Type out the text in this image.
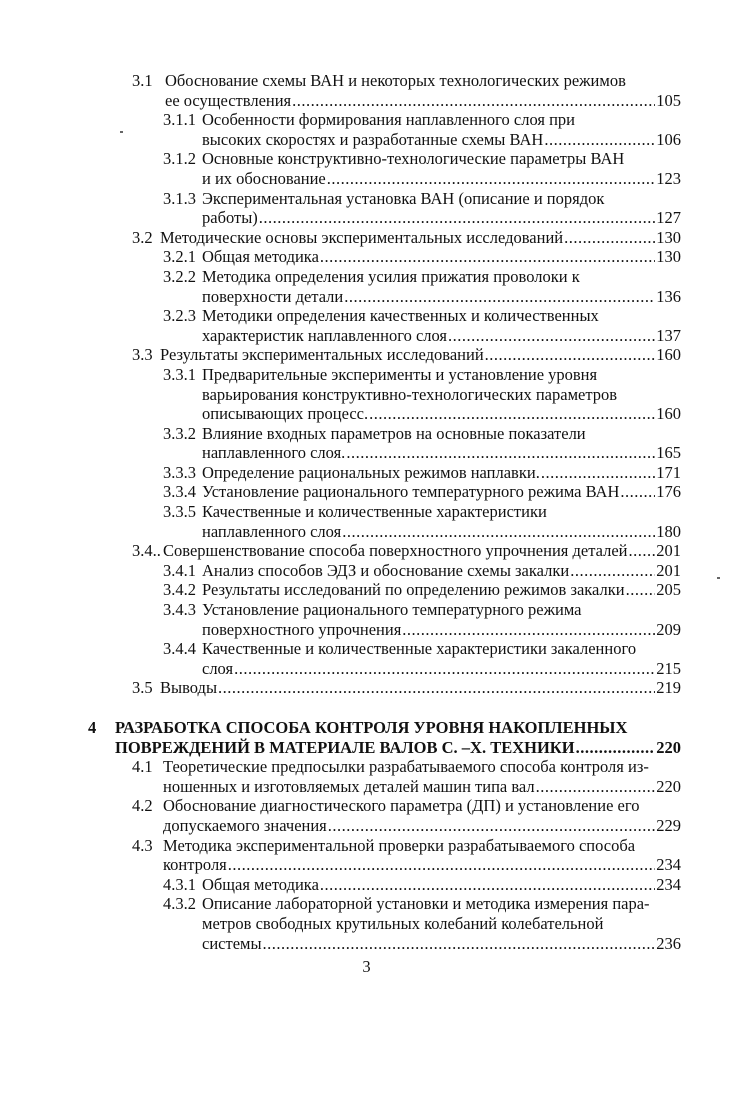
3.1 Обоснование схемы ВАН и некоторых технологических режимов
ее осуществления .....	105
3.1.1 Особенности формирования наплавленного слоя при
высоких скоростях и разработанные схемы ВАН .....	106
3.1.2 Основные конструктивно-технологические параметры ВАН
и их обоснование .....	123
3.1.3 Экспериментальная установка ВАН (описание и порядок
работы) .....	127
3.2 Методические основы экспериментальных исследований .....	130
3.2.1 Общая методика .....	130
3.2.2 Методика определения усилия прижатия проволоки к
поверхности детали .....	136
3.2.3 Методики определения качественных и количественных
характеристик наплавленного слоя .....	137
3.3 Результаты экспериментальных исследований .....	160
3.3.1 Предварительные эксперименты и установление уровня
варьирования конструктивно-технологических параметров
описывающих процесс. .....	160
3.3.2 Влияние входных параметров на основные показатели
наплавленного слоя. .....	165
3.3.3 Определение рациональных режимов наплавки. .....	171
3.3.4 Установление рационального температурного режима ВАН ..... 176
3.3.5 Качественные и количественные характеристики
наплавленного слоя .....	180
3.4.. Совершенствование способа поверхностного упрочнения деталей ..... 201
3.4.1 Анализ способов ЭДЗ и обоснование схемы закалки .....	201
3.4.2 Результаты исследований по определению режимов закалки ..... 205
3.4.3 Установление рационального температурного режима
поверхностного упрочнения .....	209
3.4.4 Качественные и количественные характеристики закаленного
слоя .....	215
3.5 Выводы .....	219
4	РАЗРАБОТКА СПОСОБА КОНТРОЛЯ УРОВНЯ НАКОПЛЕННЫХ
ПОВРЕЖДЕНИЙ В МАТЕРИАЛЕ ВАЛОВ С. –Х. ТЕХНИКИ .....	220
4.1 Теоретические предпосылки разрабатываемого способа контроля из-
ношенных и изготовляемых деталей машин типа вал .....	220
4.2 Обоснование диагностического параметра (ДП) и установление его
допускаемого значения .....	229
4.3 Методика экспериментальной проверки разрабатываемого способа
контроля .....	234
4.3.1 Общая методика .....	234
4.3.2 Описание лабораторной установки и методика измерения пара-
метров свободных крутильных колебаний колебательной
системы .....	236
3
